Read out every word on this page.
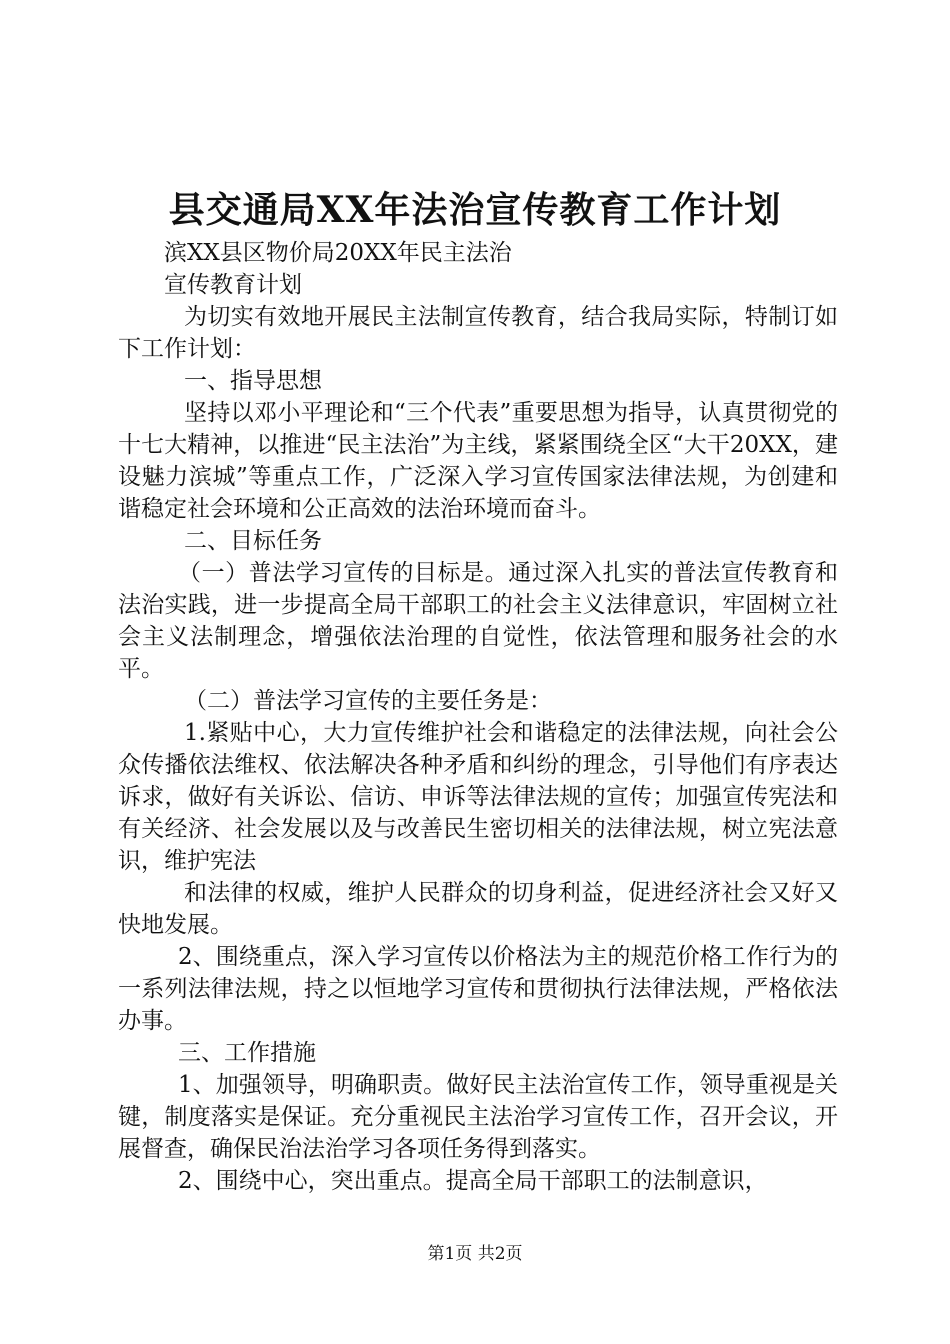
县交通局XX年法治宣传教育工作计划

滨XX县区物价局20XX年民主法治

宣传教育计划

为切实有效地开展民主法制宣传教育，结合我局实际，特制订如下工作计划：

一、指导思想

坚持以邓小平理论和“三个代表”重要思想为指导，认真贯彻党的十七大精神，以推进“民主法治”为主线，紧紧围绕全区“大干20XX，建设魅力滨城”等重点工作，广泛深入学习宣传国家法律法规，为创建和谐稳定社会环境和公正高效的法治环境而奋斗。

二、目标任务

（一）普法学习宣传的目标是。通过深入扎实的普法宣传教育和法治实践，进一步提高全局干部职工的社会主义法律意识，牢固树立社会主义法制理念，增强依法治理的自觉性，依法管理和服务社会的水平。

（二）普法学习宣传的主要任务是：

1.紧贴中心，大力宣传维护社会和谐稳定的法律法规，向社会公众传播依法维权、依法解决各种矛盾和纠纷的理念，引导他们有序表达诉求，做好有关诉讼、信访、申诉等法律法规的宣传；加强宣传宪法和有关经济、社会发展以及与改善民生密切相关的法律法规，树立宪法意识，维护宪法

和法律的权威，维护人民群众的切身利益，促进经济社会又好又快地发展。

2、围绕重点，深入学习宣传以价格法为主的规范价格工作行为的一系列法律法规，持之以恒地学习宣传和贯彻执行法律法规，严格依法办事。

三、工作措施

1、加强领导，明确职责。做好民主法治宣传工作，领导重视是关键，制度落实是保证。充分重视民主法治学习宣传工作，召开会议，开展督查，确保民治法治学习各项任务得到落实。

2、围绕中心，突出重点。提高全局干部职工的法制意识，

第1页 共2页
